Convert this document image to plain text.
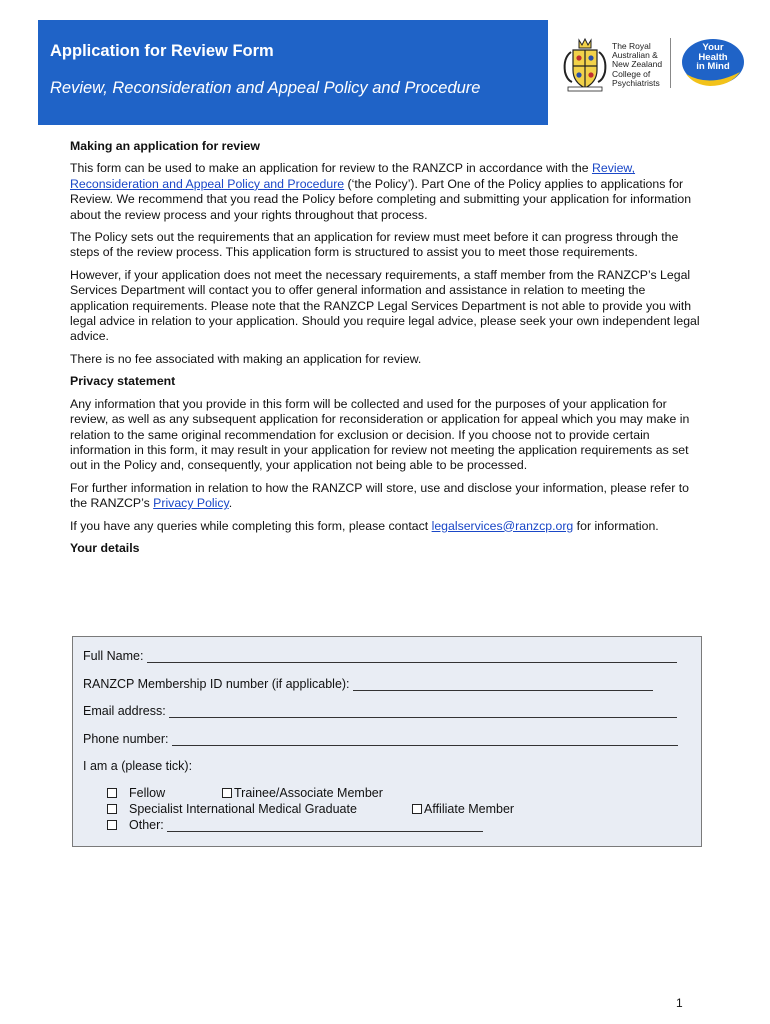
Application for Review Form
Review, Reconsideration and Appeal Policy and Procedure
The Royal
Australian &
New Zealand
College of
Psychiatrists
Your
Health
in Mind
Making an application for review

This form can be used to make an application for review to the RANZCP in accordance with the Review, Reconsideration and Appeal Policy and Procedure (‘the Policy’). Part One of the Policy applies to applications for Review. We recommend that you read the Policy before completing and submitting your application for information about the review process and your rights throughout that process.

The Policy sets out the requirements that an application for review must meet before it can progress through the steps of the review process. This application form is structured to assist you to meet those requirements.

However, if your application does not meet the necessary requirements, a staff member from the RANZCP’s Legal Services Department will contact you to offer general information and assistance in relation to meeting the application requirements. Please note that the RANZCP Legal Services Department is not able to provide you with legal advice in relation to your application. Should you require legal advice, please seek your own independent legal advice.

There is no fee associated with making an application for review.

Privacy statement

Any information that you provide in this form will be collected and used for the purposes of your application for review, as well as any subsequent application for reconsideration or application for appeal which you may make in relation to the same original recommendation for exclusion or decision. If you choose not to provide certain information in this form, it may result in your application for review not meeting the application requirements as set out in the Policy and, consequently, your application not being able to be processed.

For further information in relation to how the RANZCP will store, use and disclose your information, please refer to the RANZCP’s Privacy Policy.

If you have any queries while completing this form, please contact legalservices@ranzcp.org for information.

Your details
Full Name:
RANZCP Membership ID number (if applicable):
Email address:
Phone number:
I am a (please tick):
Fellow	Trainee/Associate Member
Specialist International Medical Graduate	Affiliate Member
Other:
1
